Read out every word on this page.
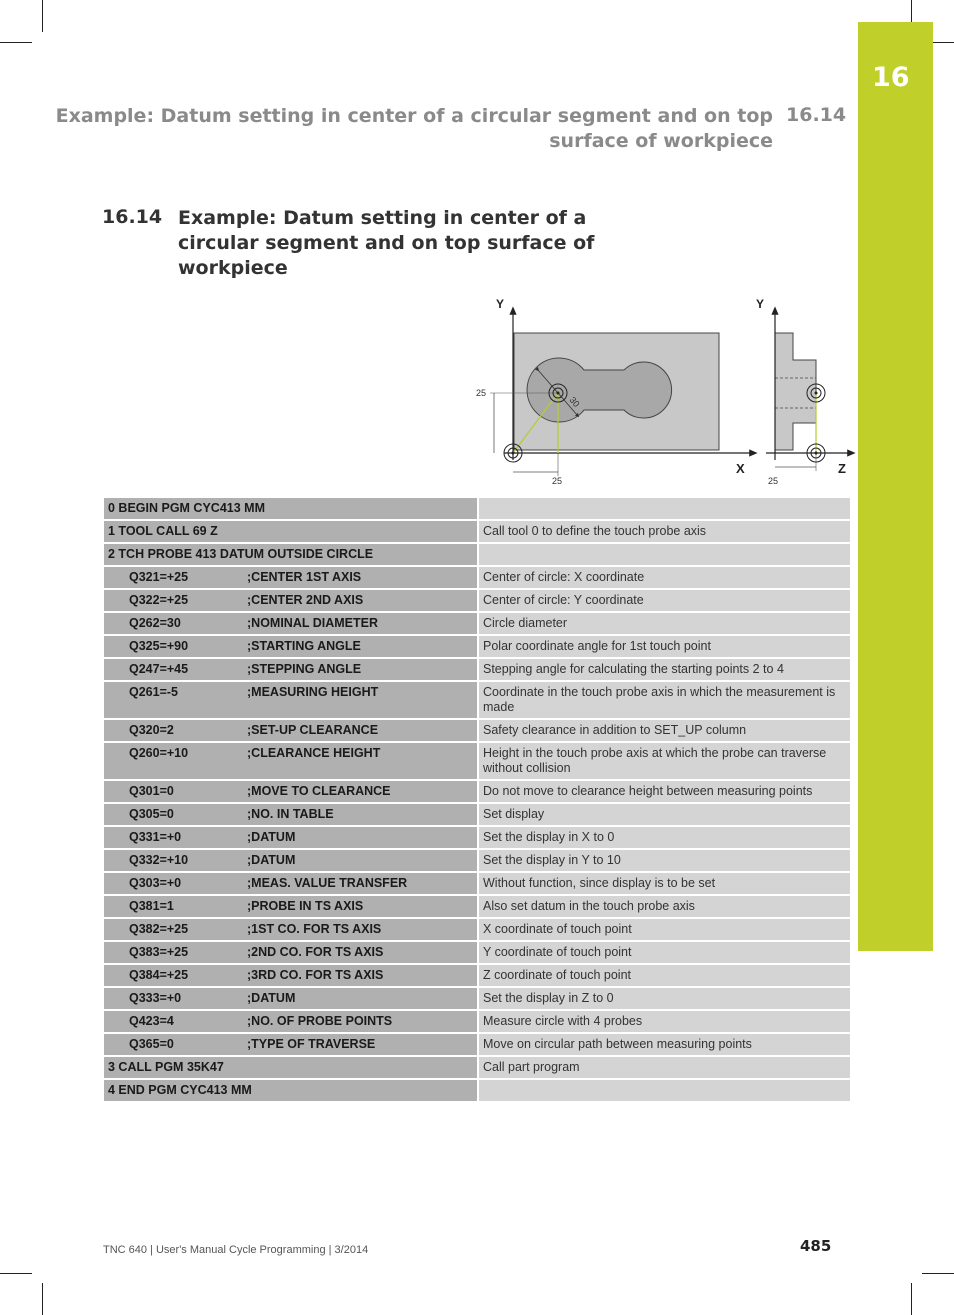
16
Example: Datum setting in center of a circular segment and on top
surface of workpiece
16.14
16.14 Example: Datum setting in center of a circular segment and on top surface of workpiece
Y
X
25
25
30
Y
Z
25
0 BEGIN PGM CYC413 MM	
1 TOOL CALL 69 Z	Call tool 0 to define the touch probe axis
2 TCH PROBE 413 DATUM OUTSIDE CIRCLE	
Q321=+25 ;CENTER 1ST AXIS	Center of circle: X coordinate
Q322=+25 ;CENTER 2ND AXIS	Center of circle: Y coordinate
Q262=30 ;NOMINAL DIAMETER	Circle diameter
Q325=+90 ;STARTING ANGLE	Polar coordinate angle for 1st touch point
Q247=+45 ;STEPPING ANGLE	Stepping angle for calculating the starting points 2 to 4
Q261=-5 ;MEASURING HEIGHT	Coordinate in the touch probe axis in which the measurement is made
Q320=2 ;SET-UP CLEARANCE	Safety clearance in addition to SET_UP column
Q260=+10 ;CLEARANCE HEIGHT	Height in the touch probe axis at which the probe can traverse without collision
Q301=0 ;MOVE TO CLEARANCE	Do not move to clearance height between measuring points
Q305=0 ;NO. IN TABLE	Set display
Q331=+0 ;DATUM	Set the display in X to 0
Q332=+10 ;DATUM	Set the display in Y to 10
Q303=+0 ;MEAS. VALUE TRANSFER	Without function, since display is to be set
Q381=1 ;PROBE IN TS AXIS	Also set datum in the touch probe axis
Q382=+25 ;1ST CO. FOR TS AXIS	X coordinate of touch point
Q383=+25 ;2ND CO. FOR TS AXIS	Y coordinate of touch point
Q384=+25 ;3RD CO. FOR TS AXIS	Z coordinate of touch point
Q333=+0 ;DATUM	Set the display in Z to 0
Q423=4 ;NO. OF PROBE POINTS	Measure circle with 4 probes
Q365=0 ;TYPE OF TRAVERSE	Move on circular path between measuring points
3 CALL PGM 35K47	Call part program
4 END PGM CYC413 MM	
TNC 640 | User's Manual Cycle Programming | 3/2014	485
